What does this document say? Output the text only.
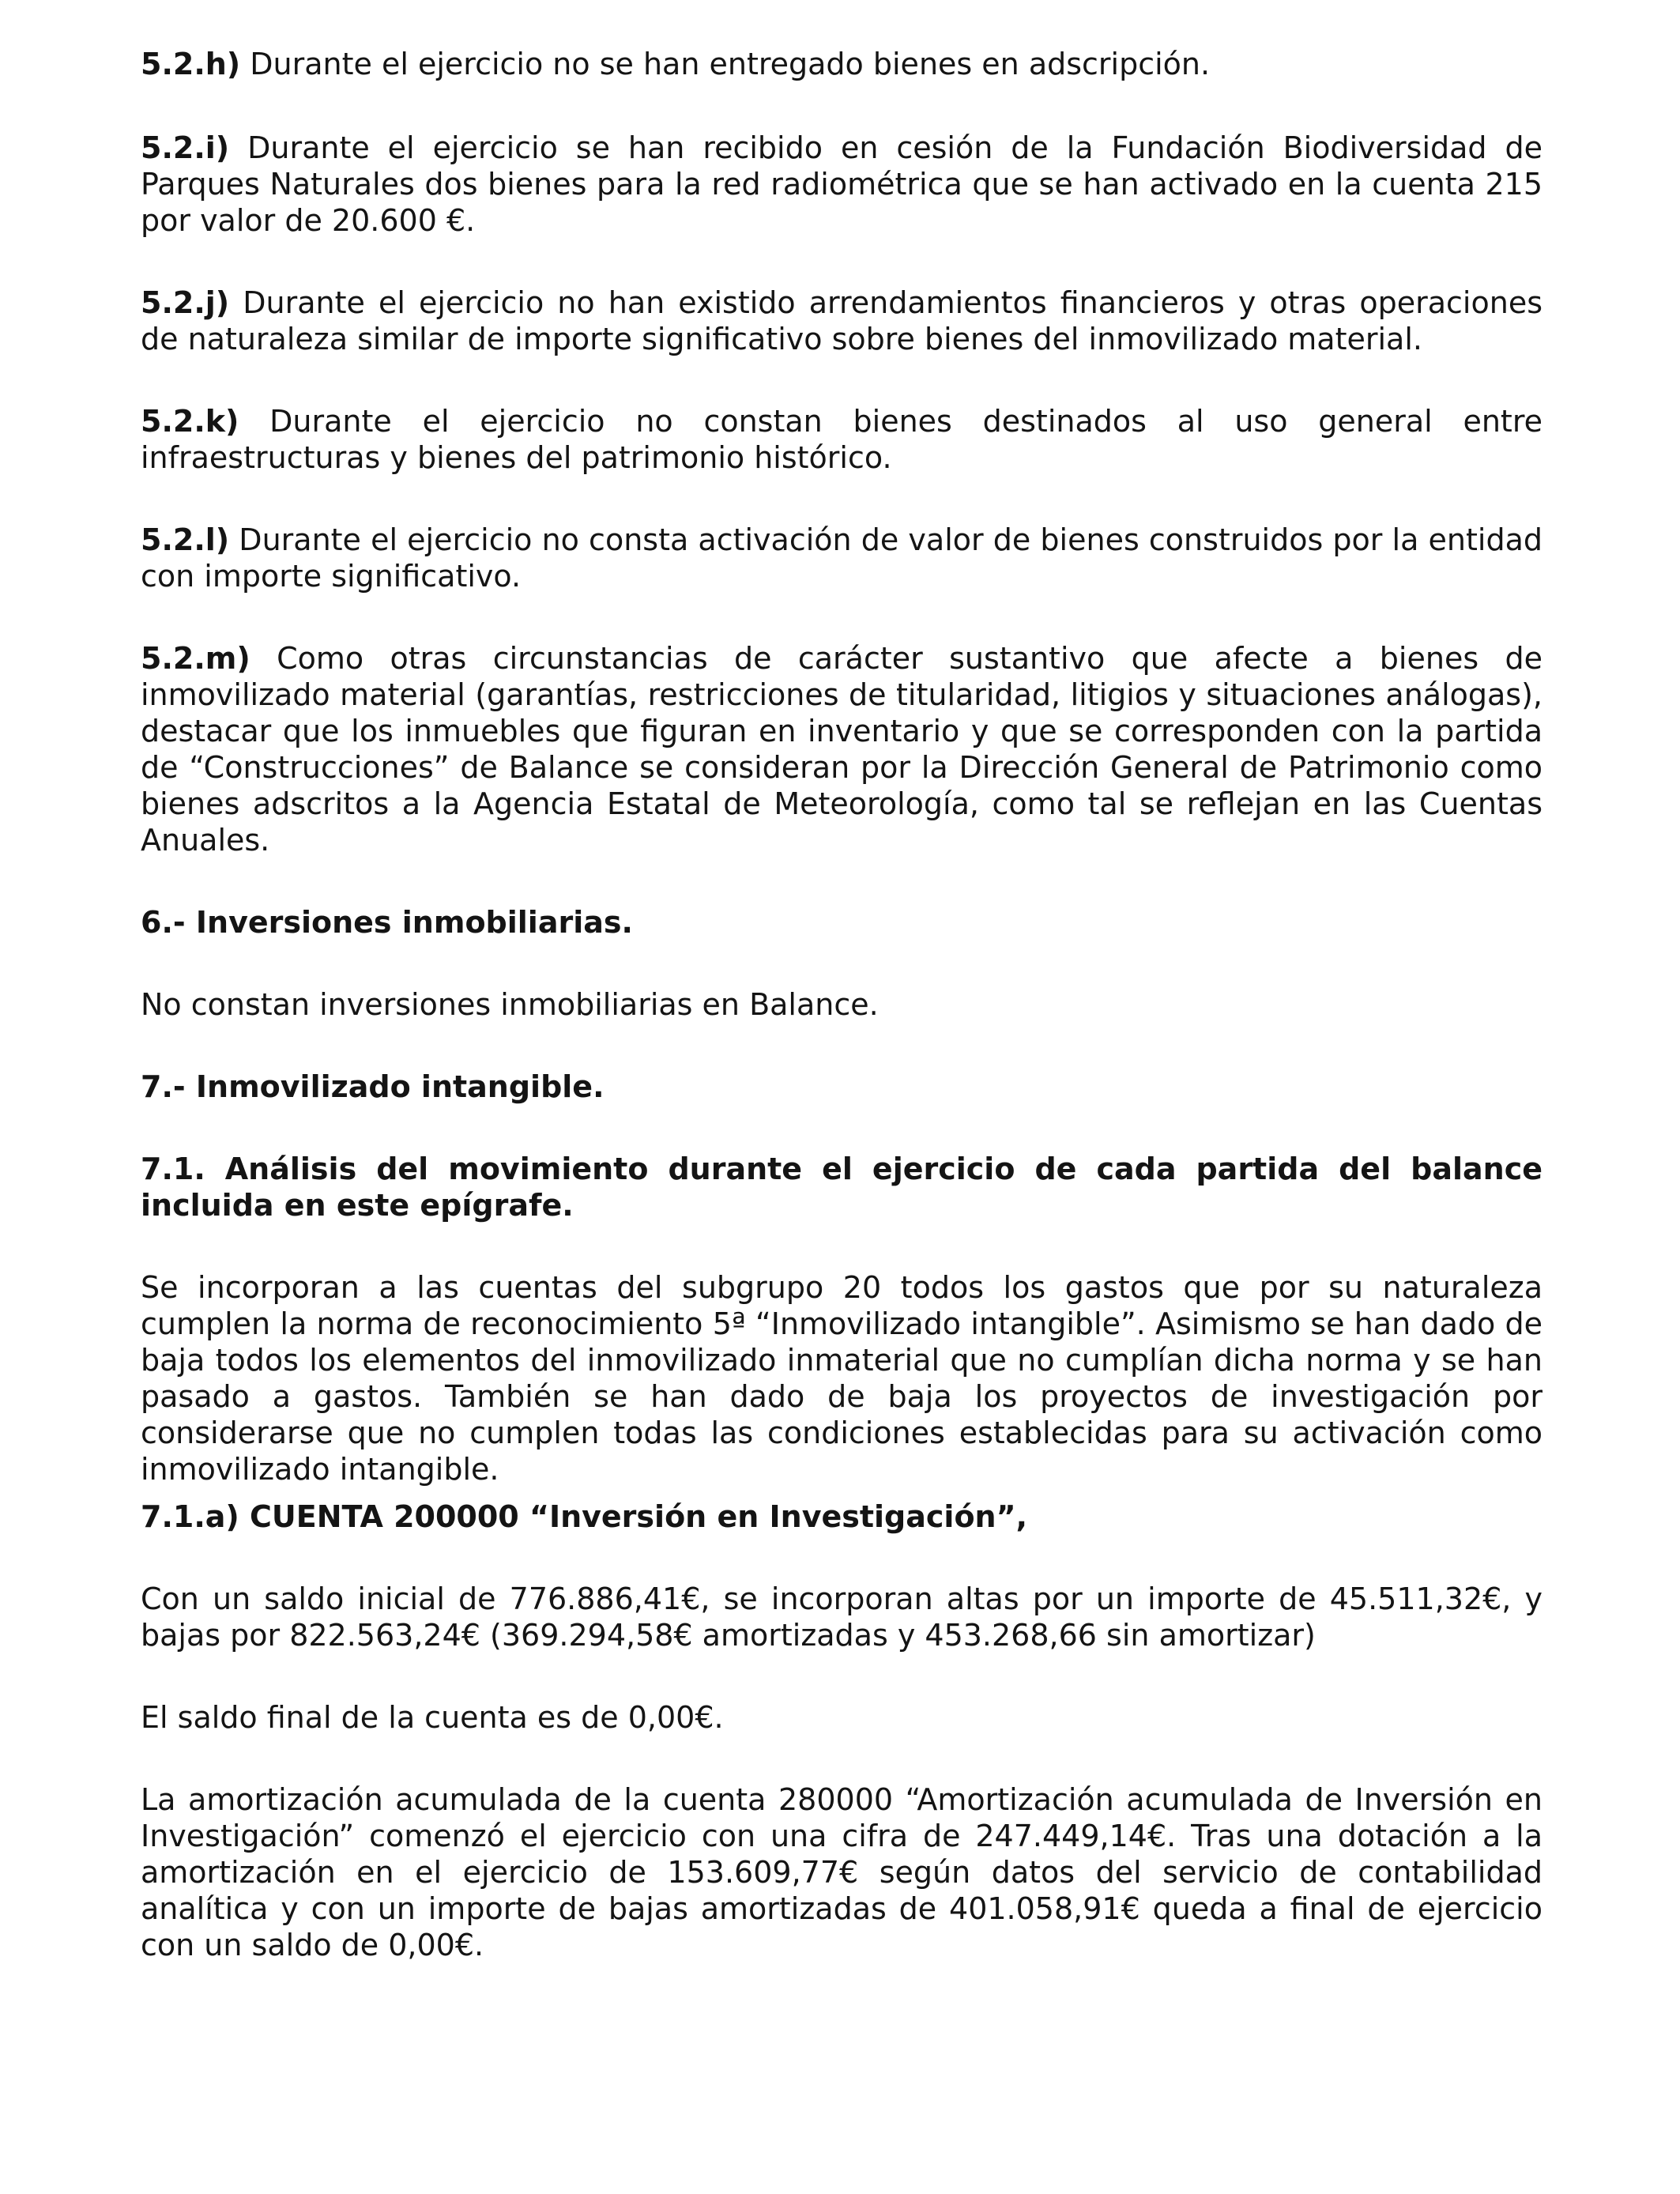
5.2.h) Durante el ejercicio no se han entregado bienes en adscripción.

5.2.i) Durante el ejercicio se han recibido en cesión de la Fundación Biodiversidad de Parques Naturales dos bienes para la red radiométrica que se han activado en la cuenta 215 por valor de 20.600 €.

5.2.j) Durante el ejercicio no han existido arrendamientos financieros y otras operaciones de naturaleza similar de importe significativo sobre bienes del inmovilizado material.

5.2.k) Durante el ejercicio no constan bienes destinados al uso general entre infraestructuras y bienes del patrimonio histórico.

5.2.l) Durante el ejercicio no consta activación de valor de bienes construidos por la entidad con importe significativo.

5.2.m) Como otras circunstancias de carácter sustantivo que afecte a bienes de inmovilizado material (garantías, restricciones de titularidad, litigios y situaciones análogas), destacar que los inmuebles que figuran en inventario y que se corresponden con la partida de “Construcciones” de Balance se consideran por la Dirección General de Patrimonio como bienes adscritos a la Agencia Estatal de Meteorología, como tal se reflejan en las Cuentas Anuales.

6.- Inversiones inmobiliarias.

No constan inversiones inmobiliarias en Balance.

7.- Inmovilizado intangible.

7.1. Análisis del movimiento durante el ejercicio de cada partida del balance incluida en este epígrafe.

Se incorporan a las cuentas del subgrupo 20 todos los gastos que por su naturaleza cumplen la norma de reconocimiento 5ª “Inmovilizado intangible”. Asimismo se han dado de baja todos los elementos del inmovilizado inmaterial que no cumplían dicha norma y se han pasado a gastos. También se han dado de baja los proyectos de investigación por considerarse que no cumplen todas las condiciones establecidas para su activación como inmovilizado intangible.

7.1.a) CUENTA 200000 “Inversión en Investigación”,

Con un saldo inicial de 776.886,41€, se incorporan altas por un importe de 45.511,32€, y bajas por 822.563,24€ (369.294,58€ amortizadas y 453.268,66 sin amortizar)

El saldo final de la cuenta es de 0,00€.

La amortización acumulada de la cuenta 280000 “Amortización acumulada de Inversión en Investigación” comenzó el ejercicio con una cifra de 247.449,14€. Tras una dotación a la amortización en el ejercicio de 153.609,77€ según datos del servicio de contabilidad analítica y con un importe de bajas amortizadas de 401.058,91€ queda a final de ejercicio con un saldo de 0,00€.
